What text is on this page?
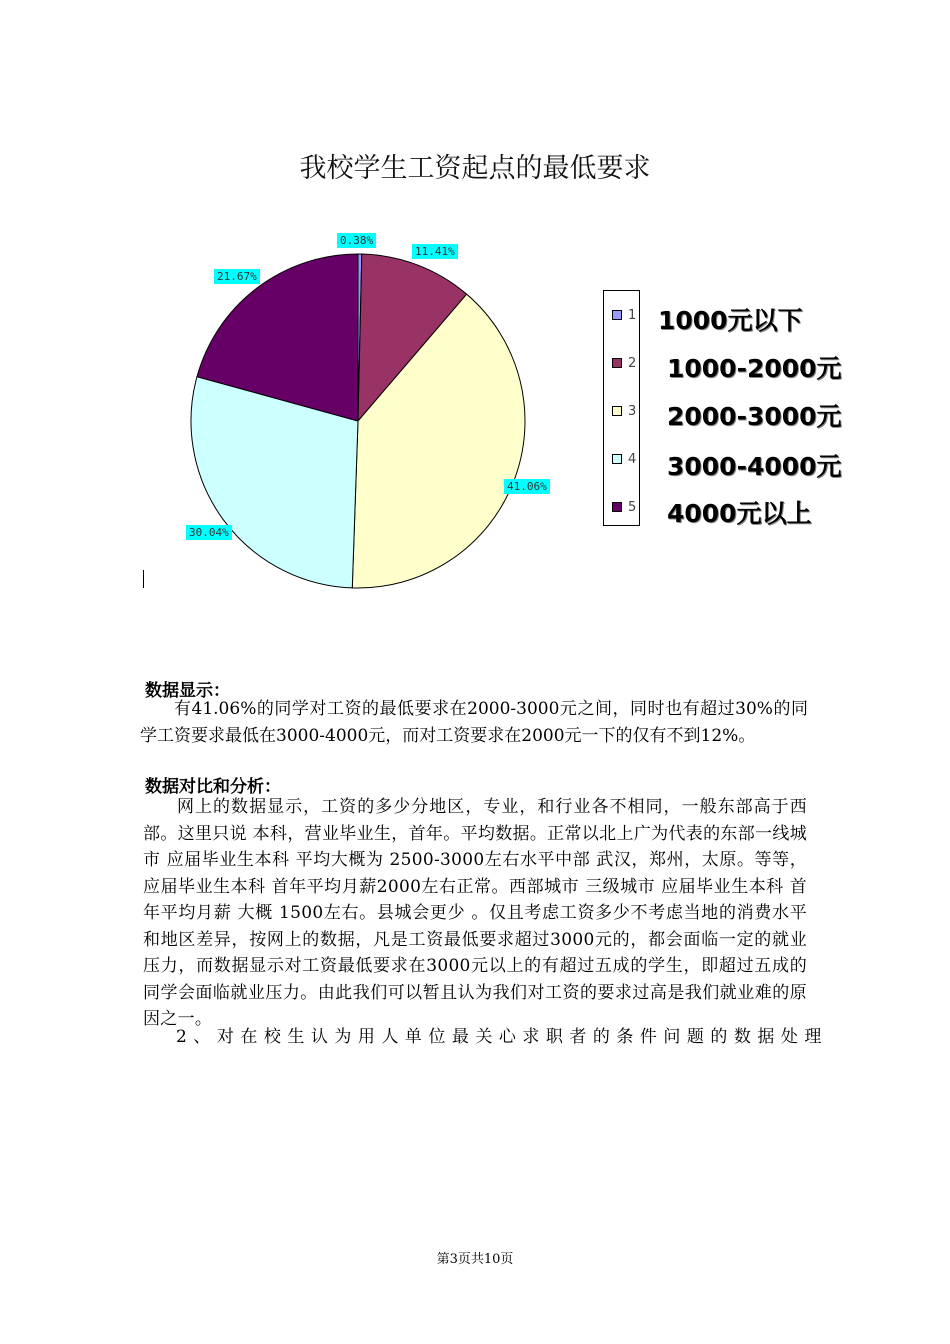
我校学生工资起点的最低要求
0.38%
11.41%
41.06%
30.04%
21.67%
1
2
3
4
5
1000元以下
1000-2000元
2000-3000元
3000-4000元
4000元以上
数据显示：
有41.06%的同学对工资的最低要求在2000-3000元之间，同时也有超过30%的同学工资要求最低在3000-4000元，而对工资要求在2000元一下的仅有不到12%。
数据对比和分析：
网上的数据显示，工资的多少分地区，专业，和行业各不相同，一般东部高于西部。这里只说 本科，营业毕业生，首年。平均数据。正常以北上广为代表的东部一线城市 应届毕业生本科 平均大概为 2500-3000左右水平中部 武汉，郑州，太原。等等，应届毕业生本科 首年平均月薪2000左右正常。西部城市 三级城市 应届毕业生本科 首年平均月薪 大概 1500左右。县城会更少 。仅且考虑工资多少不考虑当地的消费水平和地区差异，按网上的数据，凡是工资最低要求超过3000元的，都会面临一定的就业压力，而数据显示对工资最低要求在3000元以上的有超过五成的学生，即超过五成的同学会面临就业压力。由此我们可以暂且认为我们对工资的要求过高是我们就业难的原因之一。
2、对在校生认为用人单位最关心求职者的条件问题的数据处理
第3页共10页
